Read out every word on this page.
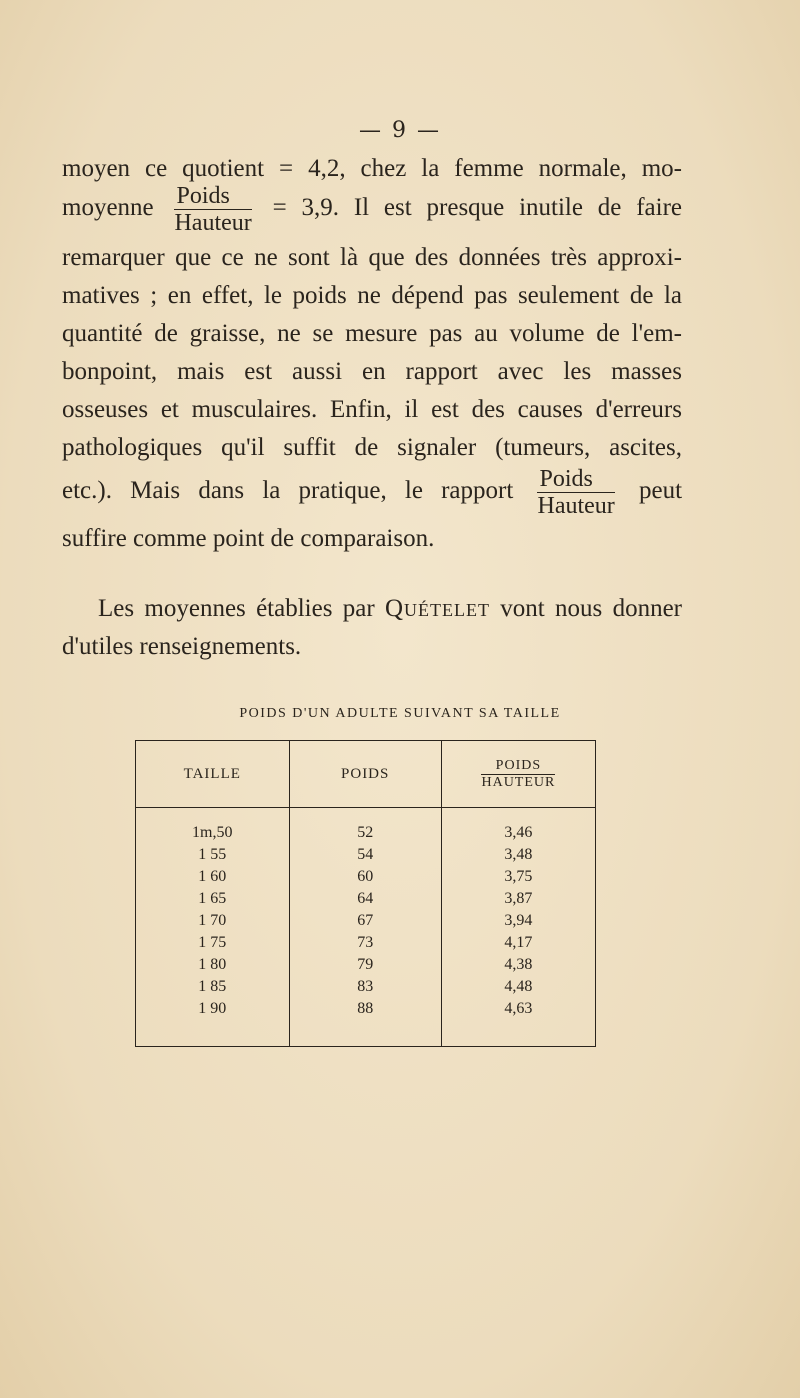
— 9 —
moyen ce quotient = 4,2, chez la femme normale, mo-
moyenne $\frac{\text{Poids}}{\text{Hauteur}} = 3,9$. Il est presque inutile de faire
remarquer que ce ne sont là que des données très approxi-
matives ; en effet, le poids ne dépend pas seulement de la
quantité de graisse, ne se mesure pas au volume de l'em-
bonpoint, mais est aussi en rapport avec les masses
osseuses et musculaires. Enfin, il est des causes d'erreurs
pathologiques qu'il suffit de signaler (tumeurs, ascites,
etc.). Mais dans la pratique, le rapport $\frac{\text{Poids}}{\text{Hauteur}}$ peut
suffire comme point de comparaison.
Les moyennes établies par Quételet vont nous donner
d'utiles renseignements.
POIDS D'UN ADULTE SUIVANT SA TAILLE
TAILLE	POIDS	POIDS
HAUTEUR

1m,50	52	3,46
1 55	54	3,48
1 60	60	3,75
1 65	64	3,87
1 70	67	3,94
1 75	73	4,17
1 80	79	4,38
1 85	83	4,48
1 90	88	4,63
